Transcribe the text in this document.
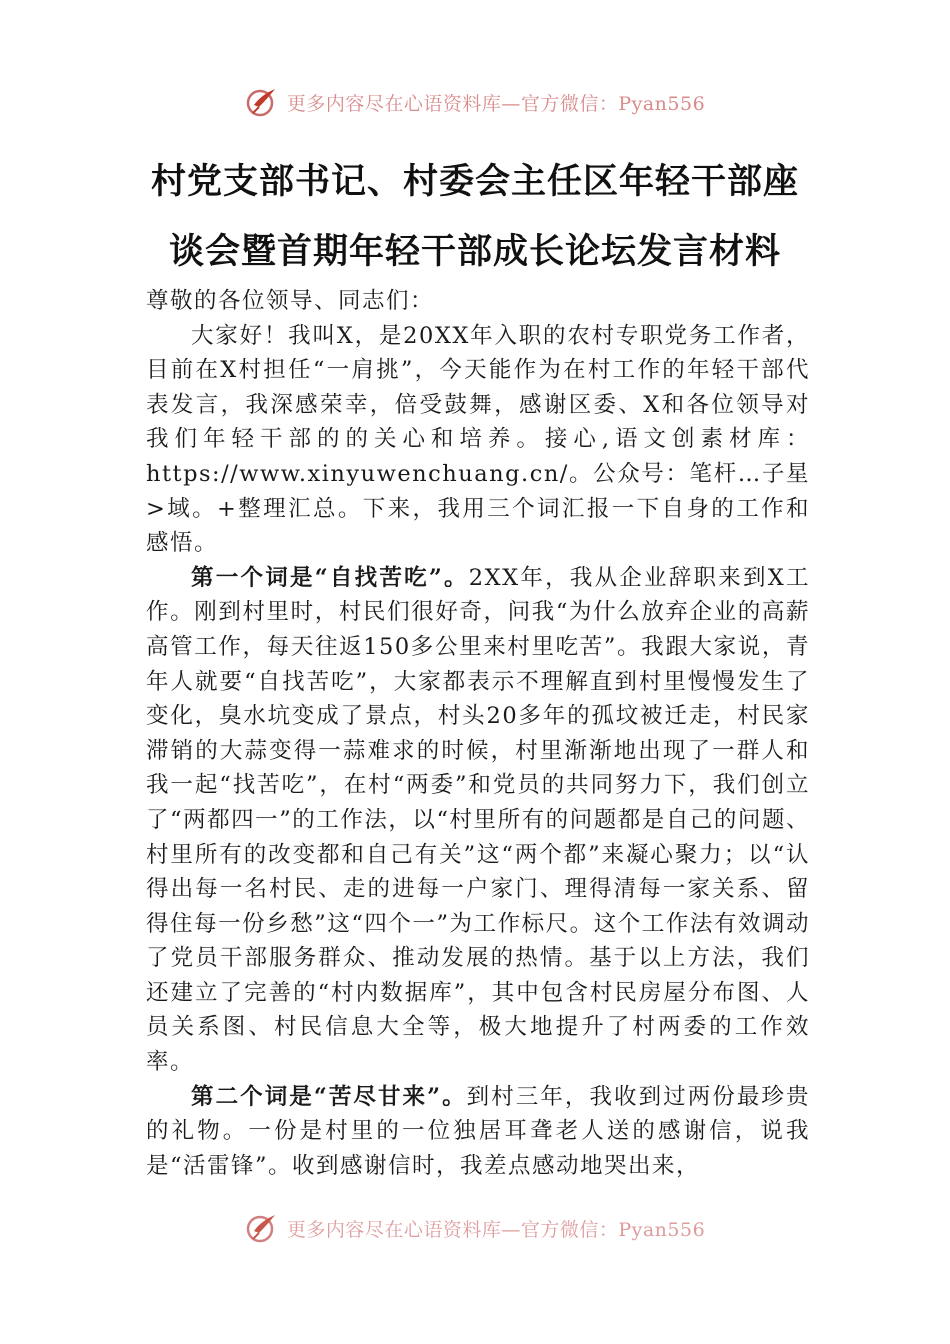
更多内容尽在心语资料库—官方微信：Pyan556
村党支部书记、村委会主任区年轻干部座
谈会暨首期年轻干部成长论坛发言材料

尊敬的各位领导、同志们：

大家好！我叫X，是20XX年入职的农村专职党务工作者，目前在X村担任“一肩挑”，今天能作为在村工作的年轻干部代表发言，我深感荣幸，倍受鼓舞，感谢区委、X和各位领导对我们年轻干部的的关心和培养。接心,语文创素材库：https://www.xinyuwenchuang.cn/。公众号：笔杆…子星>域。+整理汇总。下来，我用三个词汇报一下自身的工作和感悟。

第一个词是“自找苦吃”。2XX年，我从企业辞职来到X工作。刚到村里时，村民们很好奇，问我“为什么放弃企业的高薪高管工作，每天往返150多公里来村里吃苦”。我跟大家说，青年人就要“自找苦吃”，大家都表示不理解直到村里慢慢发生了变化，臭水坑变成了景点，村头20多年的孤坟被迁走，村民家滞销的大蒜变得一蒜难求的时候，村里渐渐地出现了一群人和我一起“找苦吃”，在村“两委”和党员的共同努力下，我们创立了“两都四一”的工作法，以“村里所有的问题都是自己的问题、村里所有的改变都和自己有关”这“两个都”来凝心聚力；以“认得出每一名村民、走的进每一户家门、理得清每一家关系、留得住每一份乡愁”这“四个一”为工作标尺。这个工作法有效调动了党员干部服务群众、推动发展的热情。基于以上方法，我们还建立了完善的“村内数据库”，其中包含村民房屋分布图、人员关系图、村民信息大全等，极大地提升了村两委的工作效率。

第二个词是“苦尽甘来”。到村三年，我收到过两份最珍贵的礼物。一份是村里的一位独居耳聋老人送的感谢信，说我是“活雷锋”。收到感谢信时，我差点感动地哭出来，

更多内容尽在心语资料库—官方微信：Pyan556
